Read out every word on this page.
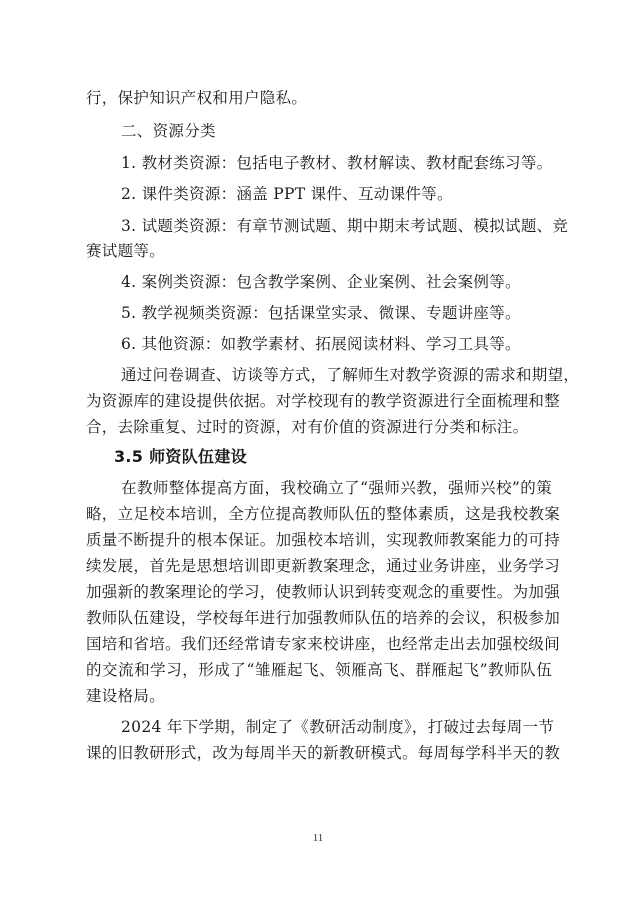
行，保护知识产权和用户隐私。
二、资源分类
1. 教材类资源：包括电子教材、教材解读、教材配套练习等。
2. 课件类资源：涵盖 PPT 课件、互动课件等。
3. 试题类资源：有章节测试题、期中期末考试题、模拟试题、竞
赛试题等。
4. 案例类资源：包含教学案例、企业案例、社会案例等。
5. 教学视频类资源：包括课堂实录、微课、专题讲座等。
6. 其他资源：如教学素材、拓展阅读材料、学习工具等。
通过问卷调查、访谈等方式，了解师生对教学资源的需求和期望，
为资源库的建设提供依据。对学校现有的教学资源进行全面梳理和整
合，去除重复、过时的资源，对有价值的资源进行分类和标注。
3.5 师资队伍建设
在教师整体提高方面，我校确立了“强师兴教，强师兴校”的策
略，立足校本培训，全方位提高教师队伍的整体素质，这是我校教案
质量不断提升的根本保证。加强校本培训，实现教师教案能力的可持
续发展，首先是思想培训即更新教案理念，通过业务讲座，业务学习
加强新的教案理论的学习，使教师认识到转变观念的重要性。为加强
教师队伍建设，学校每年进行加强教师队伍的培养的会议，积极参加
国培和省培。我们还经常请专家来校讲座，也经常走出去加强校级间
的交流和学习，形成了“雏雁起飞、领雁高飞、群雁起飞”教师队伍
建设格局。
2024 年下学期，制定了《教研活动制度》，打破过去每周一节
课的旧教研形式，改为每周半天的新教研模式。每周每学科半天的教
11
